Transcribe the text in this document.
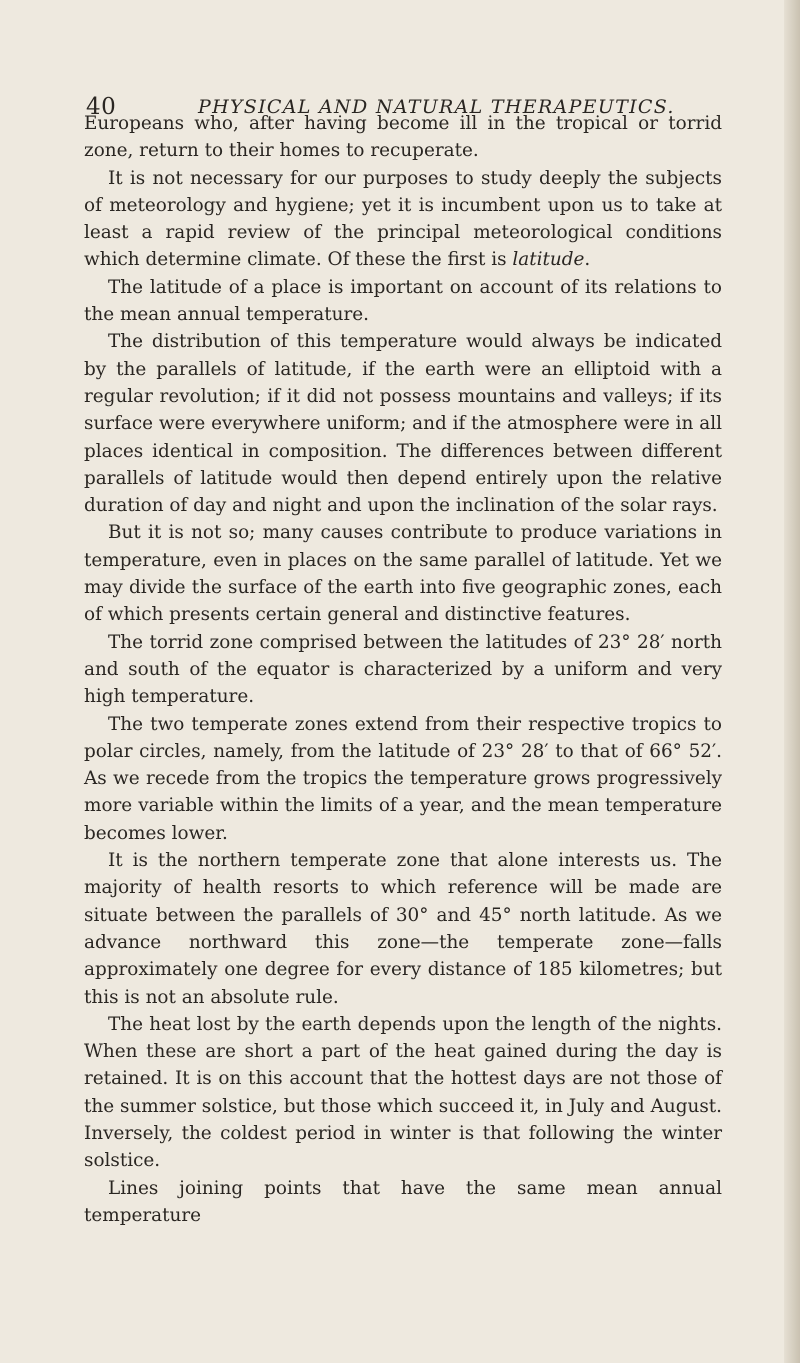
40	PHYSICAL AND NATURAL THERAPEUTICS.

Europeans who, after having become ill in the tropical or torrid zone, return to their homes to recuperate.

It is not necessary for our purposes to study deeply the subjects of meteorology and hygiene; yet it is incumbent upon us to take at least a rapid review of the principal meteorological conditions which determine climate. Of these the first is latitude.

The latitude of a place is important on account of its relations to the mean annual temperature.

The distribution of this temperature would always be indicated by the parallels of latitude, if the earth were an elliptoid with a regular revolution; if it did not possess mountains and valleys; if its surface were everywhere uniform; and if the atmosphere were in all places identical in composition. The differences between different parallels of latitude would then depend entirely upon the relative duration of day and night and upon the inclination of the solar rays.

But it is not so; many causes contribute to produce variations in temperature, even in places on the same parallel of latitude. Yet we may divide the surface of the earth into five geographic zones, each of which presents certain general and distinctive features.

The torrid zone comprised between the latitudes of 23° 28′ north and south of the equator is characterized by a uniform and very high temperature.

The two temperate zones extend from their respective tropics to polar circles, namely, from the latitude of 23° 28′ to that of 66° 52′. As we recede from the tropics the temperature grows progressively more variable within the limits of a year, and the mean temperature becomes lower.

It is the northern temperate zone that alone interests us. The majority of health resorts to which reference will be made are situate between the parallels of 30° and 45° north latitude. As we advance northward this zone—the temperate zone—falls approximately one degree for every distance of 185 kilometres; but this is not an absolute rule.

The heat lost by the earth depends upon the length of the nights. When these are short a part of the heat gained during the day is retained. It is on this account that the hottest days are not those of the summer solstice, but those which succeed it, in July and August. Inversely, the coldest period in winter is that following the winter solstice.

Lines joining points that have the same mean annual temperature
